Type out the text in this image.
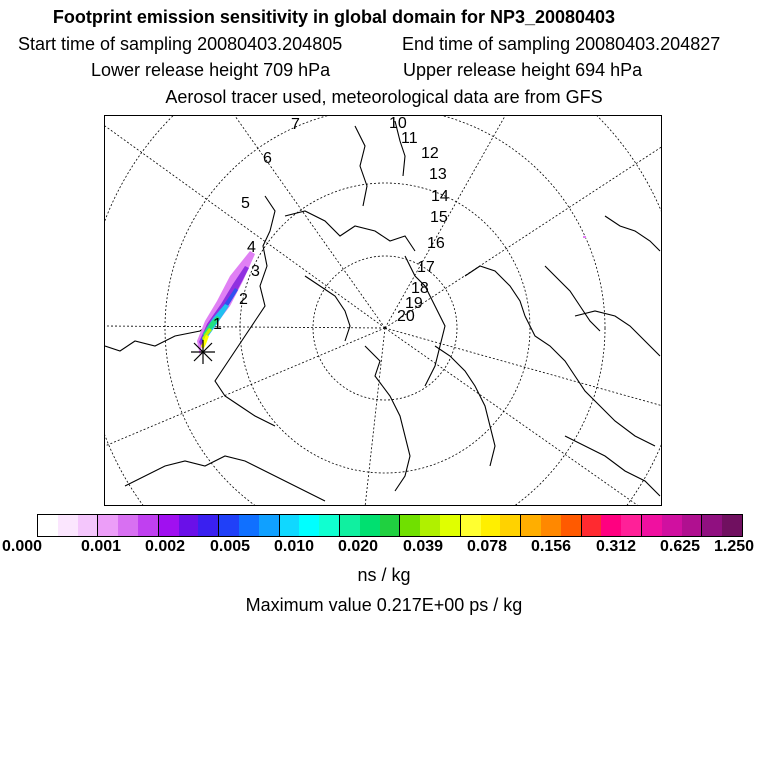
Footprint emission sensitivity in global domain for NP3_20080403
Start time of sampling 20080403.204805	End time of sampling 20080403.204827
Lower release height 709 hPa	Upper release height 694 hPa
Aerosol tracer used, meteorological data are from GFS
1
2
3
4
5
6
7	10
11
12
13
14
15
16
17
18
19
20
0.000 0.001 0.002 0.005 0.010 0.020 0.039 0.078 0.156 0.312 0.625 1.250
ns / kg
Maximum value 0.217E+00 ps / kg
